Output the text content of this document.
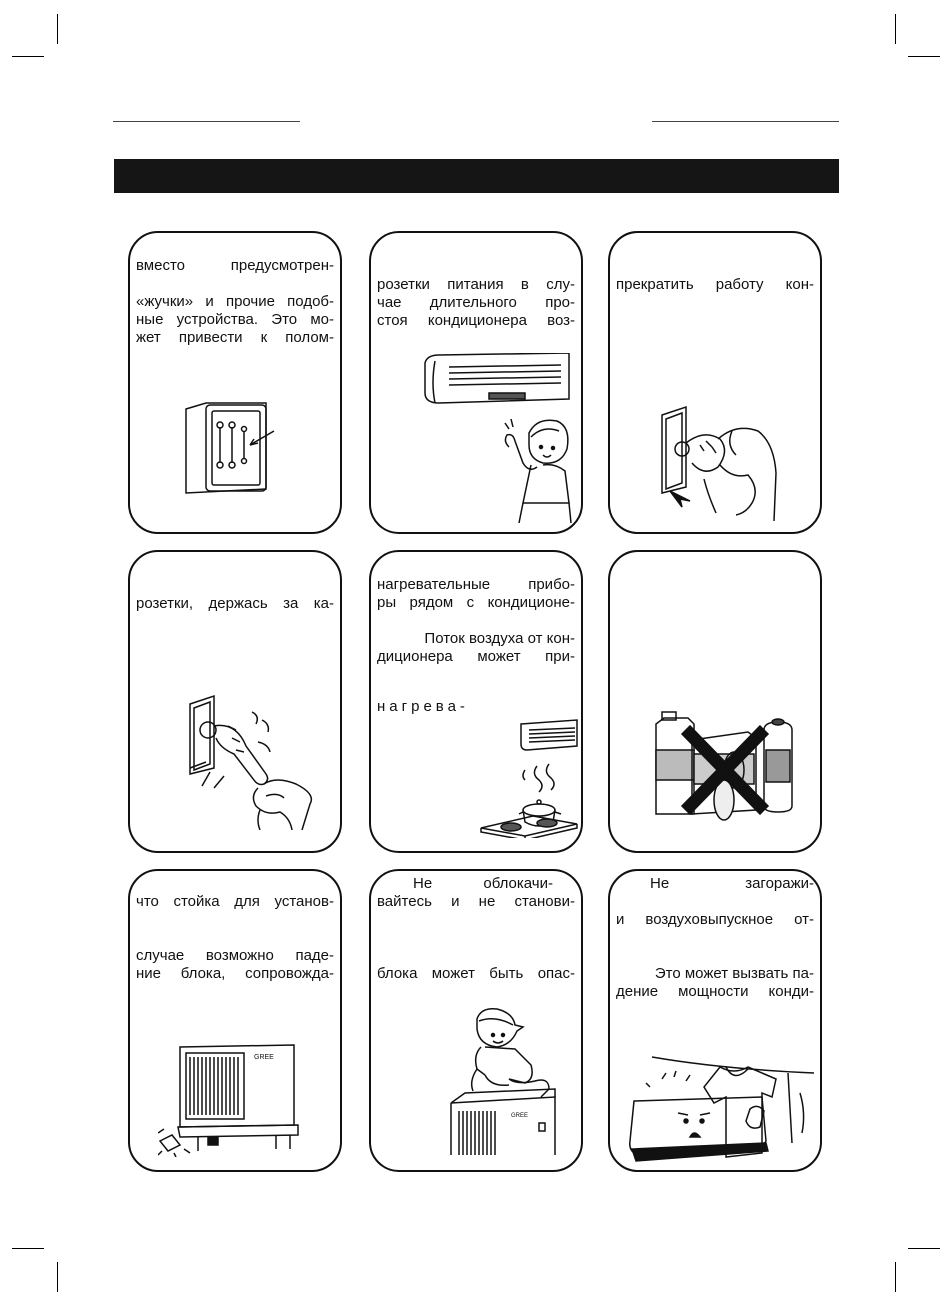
вместо предусмотрен-
«жучки» и прочие подоб-
ные устройства. Это мо-
жет привести к полом-
розетки питания в слу-
чае длительного про-
стоя кондиционера воз-
прекратить работу кон-
розетки, держась за ка-
нагревательные прибо-
ры рядом с кондиционе-
Поток воздуха от кон-
диционера может при-
нагрева-
что стойка для установ-
случае возможно паде-
ние блока, сопровожда-
GREE
Не облокачи-
вайтесь и не станови-
блока может быть опас-
GREE
Не загоражи-
и воздуховыпускное от-
Это может вызвать па-
дение мощности конди-
